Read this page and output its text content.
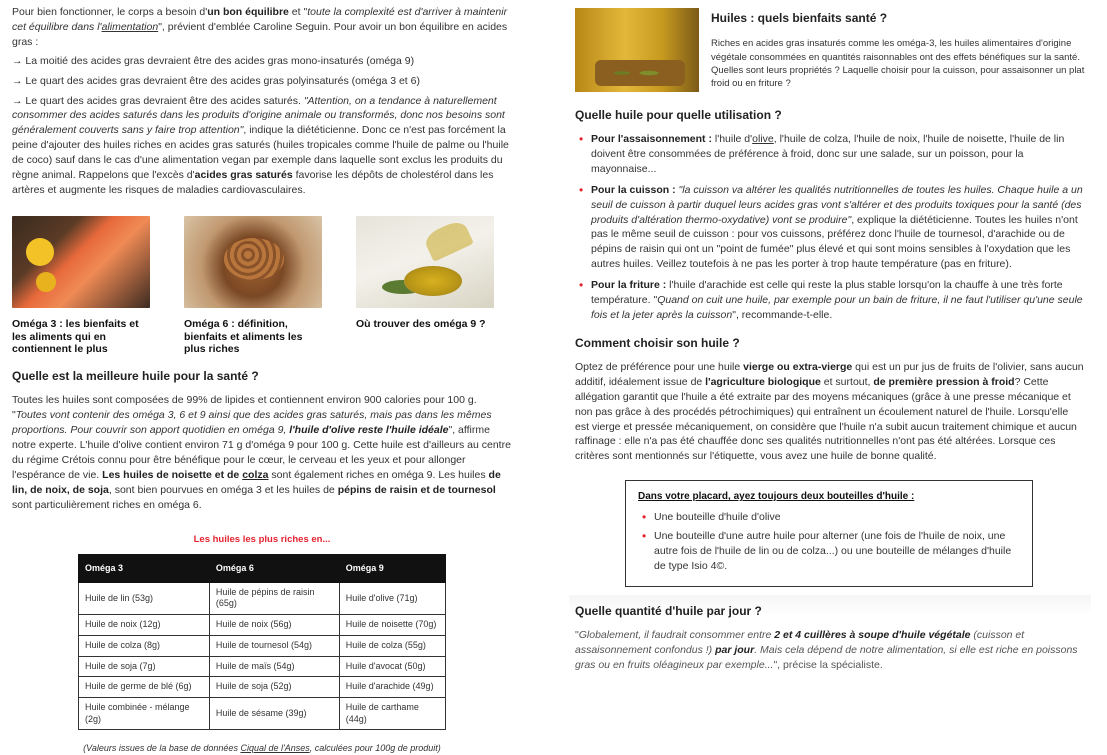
Pour bien fonctionner, le corps a besoin d'un bon équilibre et "toute la complexité est d'arriver à maintenir cet équilibre dans l'alimentation", prévient d'emblée Caroline Seguin. Pour avoir un bon équilibre en acides gras :

→ La moitié des acides gras devraient être des acides gras mono-insaturés (oméga 9)

→ Le quart des acides gras devraient être des acides gras polyinsaturés (oméga 3 et 6)

→ Le quart des acides gras devraient être des acides saturés. "Attention, on a tendance à naturellement consommer des acides saturés dans les produits d'origine animale ou transformés, donc nos besoins sont généralement couverts sans y faire trop attention", indique la diététicienne. Donc ce n'est pas forcément la peine d'ajouter des huiles riches en acides gras saturés (huiles tropicales comme l'huile de palme ou l'huile de coco) sauf dans le cas d'une alimentation vegan par exemple dans laquelle sont exclus les produits du règne animal. Rappelons que l'excès d'acides gras saturés favorise les dépôts de cholestérol dans les artères et augmente les risques de maladies cardiovasculaires.

Oméga 3 : les bienfaits et les aliments qui en contiennent le plus
Oméga 6 : définition, bienfaits et aliments les plus riches
Où trouver des oméga 9 ?
Quelle est la meilleure huile pour la santé ?

Toutes les huiles sont composées de 99% de lipides et contiennent environ 900 calories pour 100 g. "Toutes vont contenir des oméga 3, 6 et 9 ainsi que des acides gras saturés, mais pas dans les mêmes proportions. Pour couvrir son apport quotidien en oméga 9, l'huile d'olive reste l'huile idéale", affirme notre experte. L'huile d'olive contient environ 71 g d'oméga 9 pour 100 g. Cette huile est d'ailleurs au centre du régime Crétois connu pour être bénéfique pour le cœur, le cerveau et les yeux et pour allonger l'espérance de vie. Les huiles de noisette et de colza sont également riches en oméga 9. Les huiles de lin, de noix, de soja, sont bien pourvues en oméga 3 et les huiles de pépins de raisin et de tournesol sont particulièrement riches en oméga 6.

Les huiles les plus riches en...
Oméga 3	Oméga 6	Oméga 9
Huile de lin (53g)	Huile de pépins de raisin (65g)	Huile d'olive (71g)
Huile de noix (12g)	Huile de noix (56g)	Huile de noisette (70g)
Huile de colza (8g)	Huile de tournesol (54g)	Huile de colza (55g)
Huile de soja (7g)	Huile de maïs (54g)	Huile d'avocat (50g)
Huile de germe de blé (6g)	Huile de soja (52g)	Huile d'arachide (49g)
Huile combinée - mélange (2g)	Huile de sésame (39g)	Huile de carthame (44g)
(Valeurs issues de la base de données Ciqual de l'Anses, calculées pour 100g de produit)
Huiles : quels bienfaits santé ?

Riches en acides gras insaturés comme les oméga-3, les huiles alimentaires d'origine végétale consommées en quantités raisonnables ont des effets bénéfiques sur la santé. Quelles sont leurs propriétés ? Laquelle choisir pour la cuisson, pour assaisonner un plat froid ou en friture ?

Quelle huile pour quelle utilisation ?
• Pour l'assaisonnement : l'huile d'olive, l'huile de colza, l'huile de noix, l'huile de noisette, l'huile de lin doivent être consommées de préférence à froid, donc sur une salade, sur un poisson, pour la mayonnaise...
• Pour la cuisson : "la cuisson va altérer les qualités nutritionnelles de toutes les huiles. Chaque huile a un seuil de cuisson à partir duquel leurs acides gras vont s'altérer et des produits toxiques pour la santé (des produits d'altération thermo-oxydative) vont se produire", explique la diététicienne. Toutes les huiles n'ont pas le même seuil de cuisson : pour vos cuissons, préférez donc l'huile de tournesol, d'arachide ou de pépins de raisin qui ont un "point de fumée" plus élevé et qui sont moins sensibles à l'oxydation que les autres huiles. Veillez toutefois à ne pas les porter à trop haute température (pas en friture).
• Pour la friture : l'huile d'arachide est celle qui reste la plus stable lorsqu'on la chauffe à une très forte température. "Quand on cuit une huile, par exemple pour un bain de friture, il ne faut l'utiliser qu'une seule fois et la jeter après la cuisson", recommande-t-elle.
Comment choisir son huile ?

Optez de préférence pour une huile vierge ou extra-vierge qui est un pur jus de fruits de l'olivier, sans aucun additif, idéalement issue de l'agriculture biologique et surtout, de première pression à froid? Cette allégation garantit que l'huile a été extraite par des moyens mécaniques (grâce à une presse mécanique et non pas grâce à des procédés pétrochimiques) qui entraînent un écoulement naturel de l'huile. Lorsqu'elle est vierge et pressée mécaniquement, on considère que l'huile n'a subit aucun traitement chimique et aucun raffinage : elle n'a pas été chauffée donc ses qualités nutritionnelles n'ont pas été altérées. Lorsque ces critères sont mentionnés sur l'étiquette, vous avez une huile de bonne qualité.

Dans votre placard, ayez toujours deux bouteilles d'huile :
• Une bouteille d'huile d'olive
• Une bouteille d'une autre huile pour alterner (une fois de l'huile de noix, une autre fois de l'huile de lin ou de colza...) ou une bouteille de mélanges d'huile de type Isio 4©.
Quelle quantité d'huile par jour ?

"Globalement, il faudrait consommer entre 2 et 4 cuillères à soupe d'huile végétale (cuisson et assaisonnement confondus !) par jour. Mais cela dépend de notre alimentation, si elle est riche en poissons gras ou en fruits oléagineux par exemple...", précise la spécialiste.
